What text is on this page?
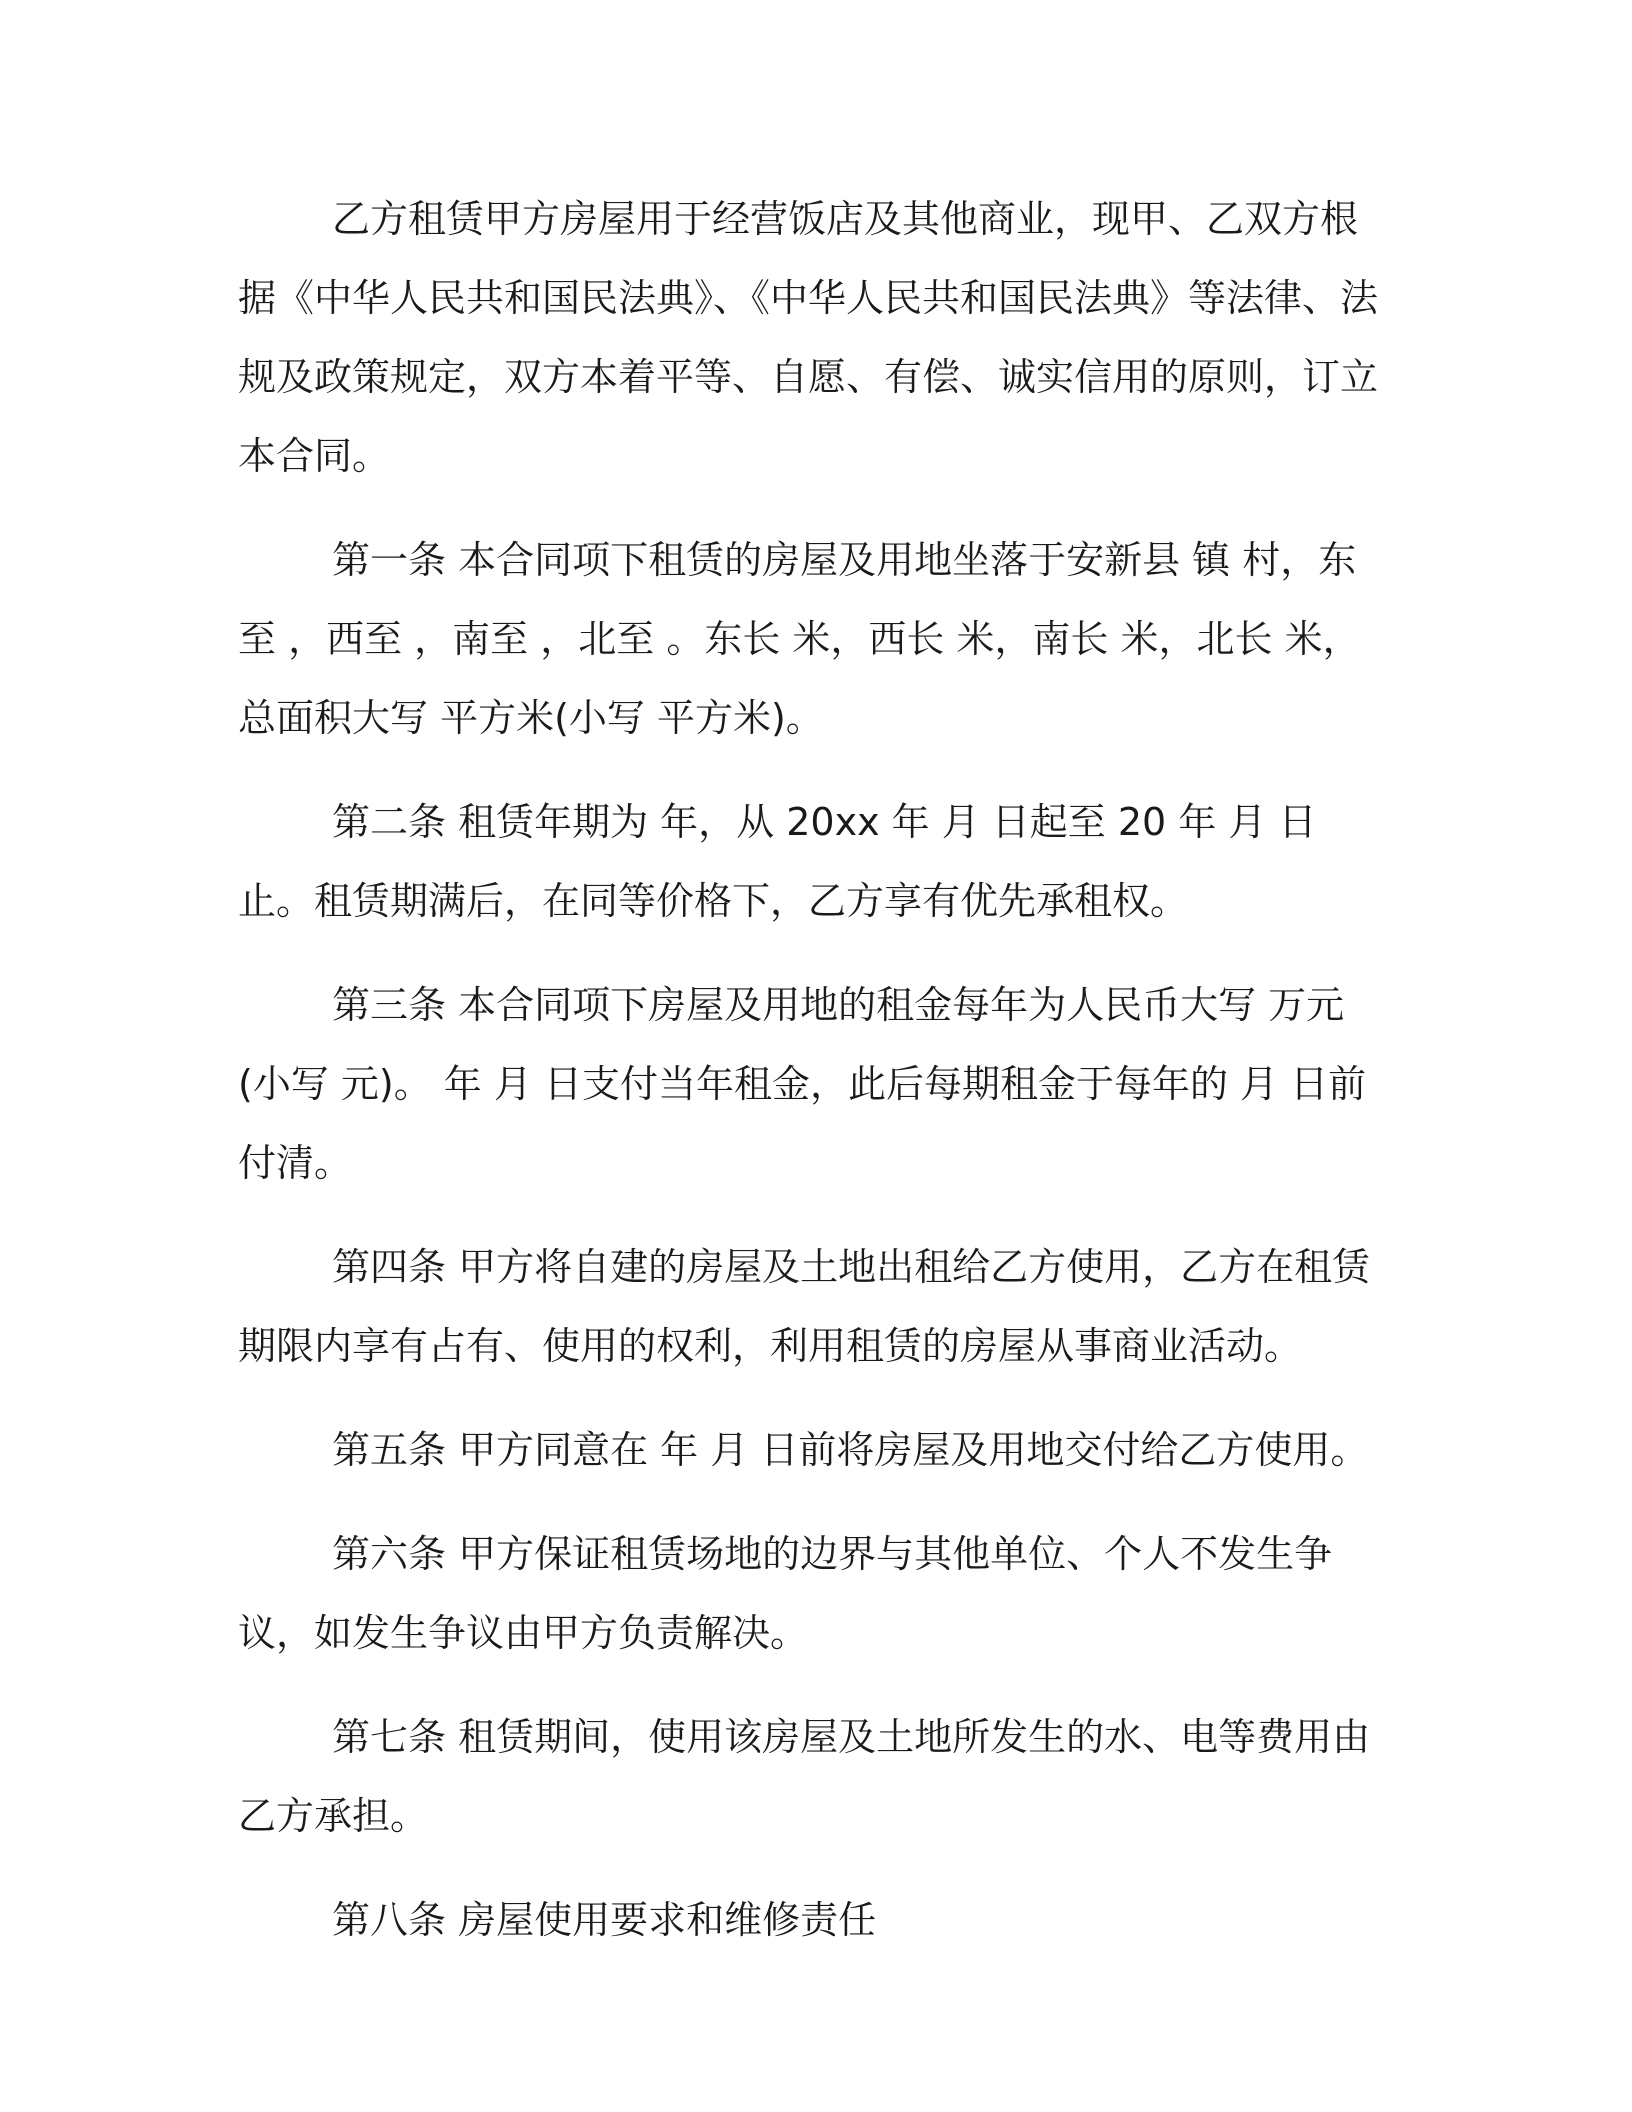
乙方租赁甲方房屋用于经营饭店及其他商业，现甲、乙双方根据《中华人民共和国民法典》、《中华人民共和国民法典》等法律、法规及政策规定，双方本着平等、自愿、有偿、诚实信用的原则，订立本合同。

第一条 本合同项下租赁的房屋及用地坐落于安新县 镇 村，东至 ，西至 ，南至 ，北至 。东长 米，西长 米，南长 米，北长 米，总面积大写 平方米(小写 平方米)。

第二条 租赁年期为 年，从 20xx 年 月 日起至 20 年 月 日止。租赁期满后，在同等价格下，乙方享有优先承租权。

第三条 本合同项下房屋及用地的租金每年为人民币大写 万元(小写 元)。 年 月 日支付当年租金，此后每期租金于每年的 月 日前付清。

第四条 甲方将自建的房屋及土地出租给乙方使用，乙方在租赁期限内享有占有、使用的权利，利用租赁的房屋从事商业活动。

第五条 甲方同意在 年 月 日前将房屋及用地交付给乙方使用。

第六条 甲方保证租赁场地的边界与其他单位、个人不发生争议，如发生争议由甲方负责解决。

第七条 租赁期间，使用该房屋及土地所发生的水、电等费用由乙方承担。

第八条 房屋使用要求和维修责任
